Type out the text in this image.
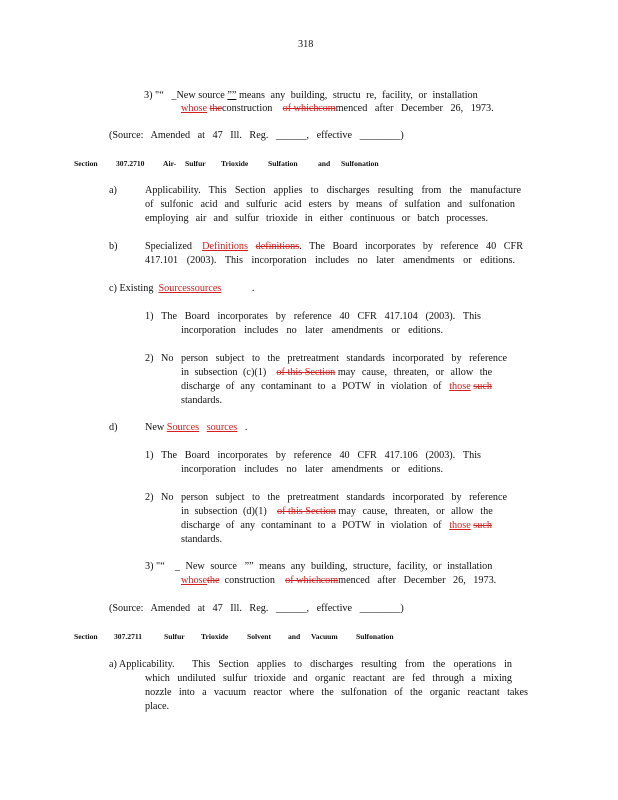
318
3) "“ _New source ”” means any building, structu re, facility, or installation
whose theconstruction of which commenced after December 26, 1973.
(Source: Amended at 47 Ill. Reg. ______, effective ________)
Section 307.2710 Air- Sulfur Trioxide	Sulfation	and Sulfonation
a)	Applicability. This Section applies to discharges resulting from the manufacture
of sulfonic acid and sulfuric acid esters by means of sulfation and sulfonation
employing air and sulfur trioxide in either continuous or batch processes.
b)	Specialized Definitions definitions. The Board incorporates by reference 40 CFR
417.101 (2003). This incorporation includes no later amendments or editions.
c) Existing Sourcessources	.
1) The Board incorporates by reference 40 CFR 417.104 (2003). This
incorporation includes no later amendments or editions.
2) No person subject to the pretreatment standards incorporated by reference
in subsection (c)(1) of this Section may cause, threaten, or allow the
discharge of any contaminant to a POTW in violation of those such
standards.
d)	New Sources sources .
1) The Board incorporates by reference 40 CFR 417.106 (2003). This
incorporation includes no later amendments or editions.
2) No person subject to the pretreatment standards incorporated by reference
in subsection (d)(1) of this Section may cause, threaten, or allow the
discharge of any contaminant to a POTW in violation of those such
standards.
3) "“ _ New source ”” means any building, structure, facility, or installation
whosethe construction of which commenced after December 26, 1973.
(Source: Amended at 47 Ill. Reg. ______, effective ________)
Section 307.2711	Sulfur Trioxide Solvent and Vacuum Sulfonation
a) Applicability. This Section applies to discharges resulting from the operations in
which undiluted sulfur trioxide and organic reactant are fed through a mixing
nozzle into a vacuum reactor where the sulfonation of the organic reactant takes
place.
